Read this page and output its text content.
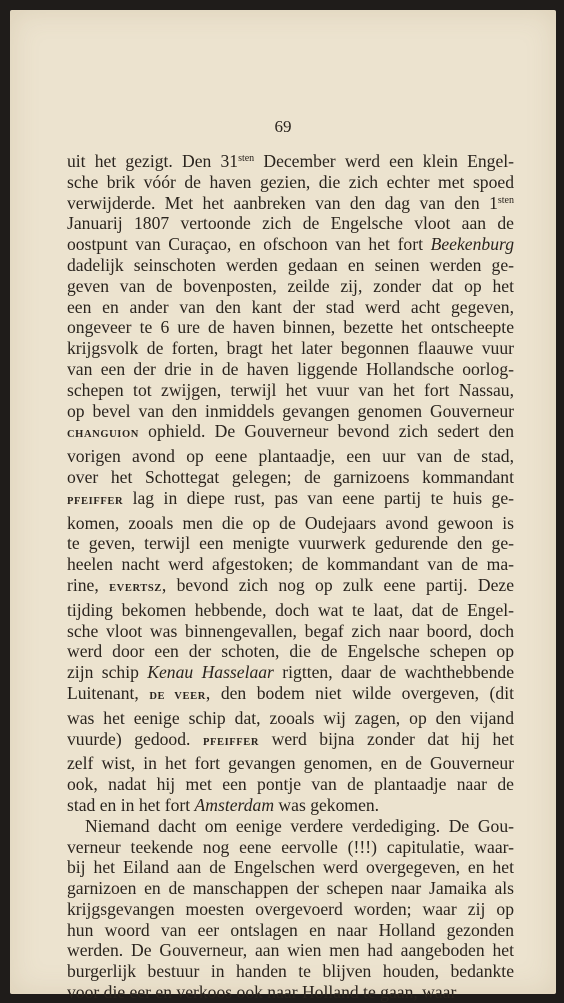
69
uit het gezigt. Den $31^{sten}$ December werd een klein Engel-
sche brik vóór de haven gezien, die zich echter met spoed
verwijderde. Met het aanbreken van den dag van den $1^{sten}$
Januarij 1807 vertoonde zich de Engelsche vloot aan de
oostpunt van Curaçao, en ofschoon van het fort Beekenburg
dadelijk seinschoten werden gedaan en seinen werden ge-
geven van de bovenposten, zeilde zij, zonder dat op het
een en ander van den kant der stad werd acht gegeven,
ongeveer te 6 ure de haven binnen, bezette het ontscheepte
krijgsvolk de forten, bragt het later begonnen flaauwe vuur
van een der drie in de haven liggende Hollandsche oorlog-
schepen tot zwijgen, terwijl het vuur van het fort Nassau,
op bevel van den inmiddels gevangen genomen Gouverneur
CHANGUION ophield. De Gouverneur bevond zich sedert den
vorigen avond op eene plantaadje, een uur van de stad,
over het Schottegat gelegen; de garnizoens kommandant
PFEIFFER lag in diepe rust, pas van eene partij te huis ge-
komen, zooals men die op de Oudejaars avond gewoon is
te geven, terwijl een menigte vuurwerk gedurende den ge-
heelen nacht werd afgestoken; de kommandant van de ma-
rine, EVERTSZ, bevond zich nog op zulk eene partij. Deze
tijding bekomen hebbende, doch wat te laat, dat de Engel-
sche vloot was binnengevallen, begaf zich naar boord, doch
werd door een der schoten, die de Engelsche schepen op
zijn schip Kenau Hasselaar rigtten, daar de wachthebbende
Luitenant, DE VEER, den bodem niet wilde overgeven, (dit
was het eenige schip dat, zooals wij zagen, op den vijand
vuurde) gedood. PFEIFFER werd bijna zonder dat hij het
zelf wist, in het fort gevangen genomen, en de Gouverneur
ook, nadat hij met een pontje van de plantaadje naar de
stad en in het fort Amsterdam was gekomen.
Niemand dacht om eenige verdere verdediging. De Gou-
verneur teekende nog eene eervolle (!!!) capitulatie, waar-
bij het Eiland aan de Engelschen werd overgegeven, en het
garnizoen en de manschappen der schepen naar Jamaika als
krijgsgevangen moesten overgevoerd worden; waar zij op
hun woord van eer ontslagen en naar Holland gezonden
werden. De Gouverneur, aan wien men had aangeboden het
burgerlijk bestuur in handen te blijven houden, bedankte
voor die eer en verkoos ook naar Holland te gaan, waar
